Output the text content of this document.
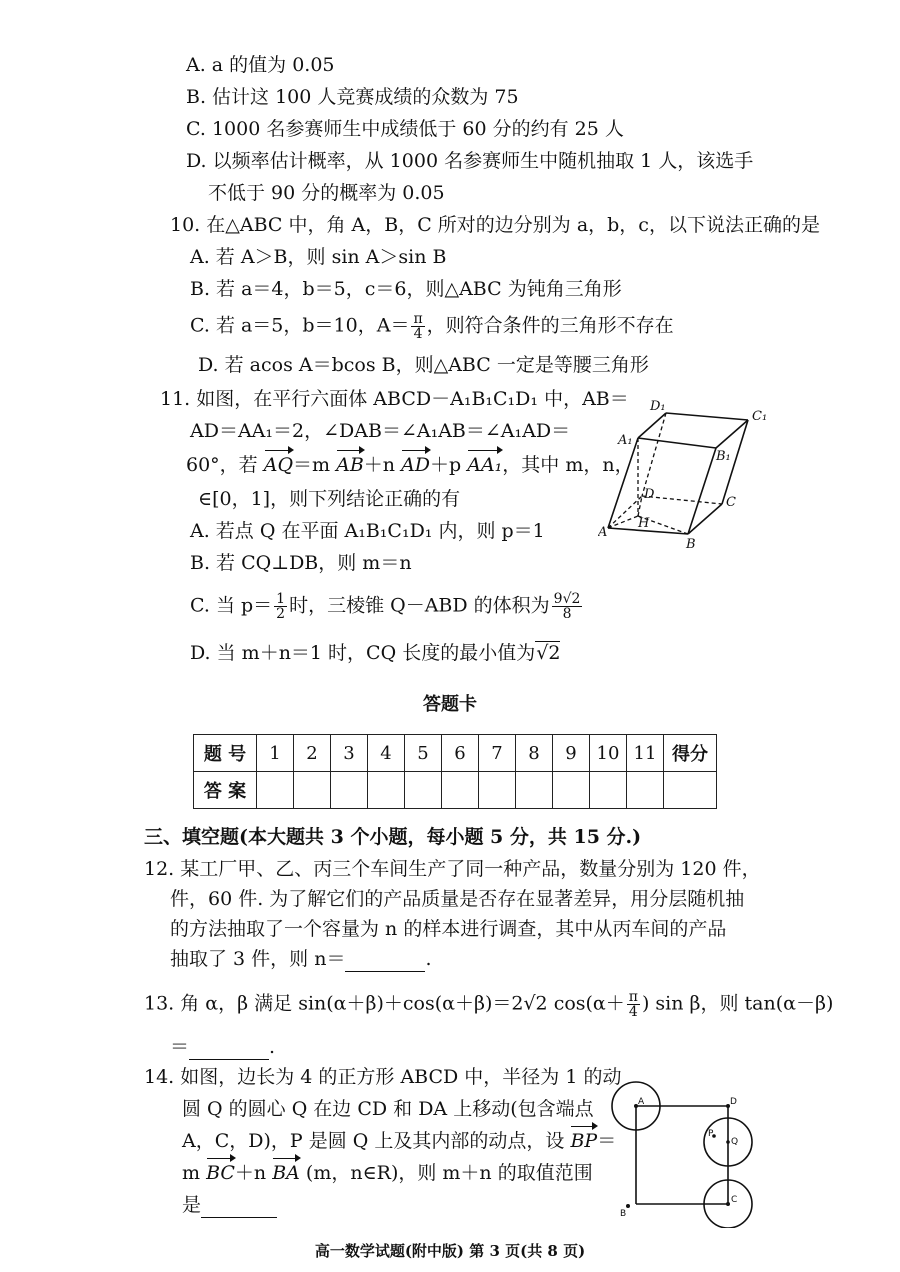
A. a 的值为 0.05
B. 估计这 100 人竞赛成绩的众数为 75
C. 1000 名参赛师生中成绩低于 60 分的约有 25 人
D. 以频率估计概率，从 1000 名参赛师生中随机抽取 1 人，该选手
不低于 90 分的概率为 0.05
10. 在△ABC 中，角 A，B，C 所对的边分别为 a，b，c，以下说法正确的是
A. 若 A＞B，则 sin A＞sin B
B. 若 a＝4，b＝5，c＝6，则△ABC 为钝角三角形
C. 若 a＝5，b＝10，$A= \frac{\pi}{4}$ ，则符合条件的三角形不存在
D. 若 acos A＝bcos B，则△ABC 一定是等腰三角形
11. 如图，在平行六面体 ABCD－A₁B₁C₁D₁ 中，AB＝
AD＝AA₁＝2，∠DAB＝∠A₁AB＝∠A₁AD＝
60°，若 AQ＝m AB＋n AD＋p AA₁，其中 m，n，
∈[0，1]，则下列结论正确的有
A. 若点 Q 在平面 A₁B₁C₁D₁ 内，则 p＝1
B. 若 CQ⊥DB，则 m＝n
C. 当 $p= \frac{1}{2}$ 时，三棱锥 Q－ABD 的体积为 $\frac{9√2}{8}$
D. 当 m＋n＝1 时，CQ 长度的最小值为√2
D₁
C₁
A₁
B₁
D
C
H
A
B
答题卡
题 号	1	2	3	4	5	6	7	8	9	10	11	得分
答 案												
三、填空题(本大题共 3 个小题，每小题 5 分，共 15 分.)
12. 某工厂甲、乙、丙三个车间生产了同一种产品，数量分别为 120 件，
件，60 件. 为了解它们的产品质量是否存在显著差异，用分层随机抽
的方法抽取了一个容量为 n 的样本进行调查，其中从丙车间的产品
抽取了 3 件，则 n＝	.
13. 角 α，β 满足 sin(α＋β)＋cos(α＋β)＝2√2 $\cos(\alpha+ \frac{\pi}{4}$ ) sin β，则 tan(α－β)
＝	.
14. 如图，边长为 4 的正方形 ABCD 中，半径为 1 的动
圆 Q 的圆心 Q 在边 CD 和 DA 上移动(包含端点
A，C，D)，P 是圆 Q 上及其内部的动点，设 BP＝
m BC＋n BA (m，n∈R)，则 m＋n 的取值范围
是
A	D
P
Q
C
B
高一数学试题(附中版) 第 3 页(共 8 页)
